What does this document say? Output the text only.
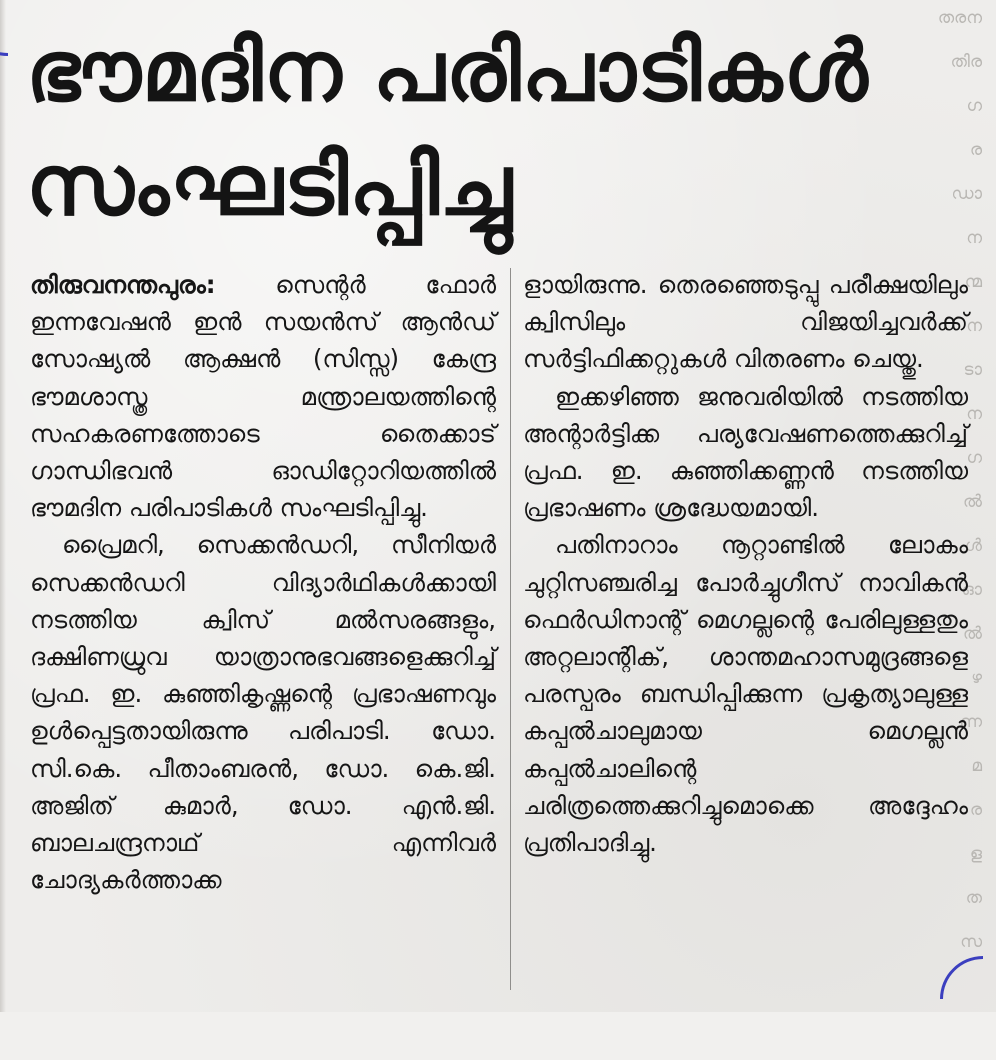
തരന
തിര
ഗ
ര
ഡാ
ന
ന്മ
ന
ടാ
ന
ഗ
ൽ
ൾ
ഓ
ൽ
ഴ
ണ
മ
ര
ള
ത
സ
ഭൗമദിന പരിപാടികൾ
സംഘടിപ്പിച്ചു

തിരുവനന്തപുരം: സെന്റർ ഫോർ ഇന്നവേഷൻ ഇൻ സയൻസ് ആൻഡ് സോഷ്യൽ ആക്ഷൻ (സിസ്സ) കേന്ദ്ര ഭൗമശാസ്ത്ര മന്ത്രാലയത്തിന്റെ സഹകരണത്തോടെ തൈക്കാട് ഗാന്ധിഭവൻ ഓഡിറ്റോറിയത്തിൽ ഭൗമദിന പരിപാടികൾ സംഘടിപ്പിച്ചു.

പ്രൈമറി, സെക്കൻഡറി, സീനിയർ സെക്കൻഡറി വിദ്യാർഥികൾക്കായി നടത്തിയ ക്വിസ് മൽസരങ്ങളും, ദക്ഷിണധ്രുവ യാത്രാനുഭവങ്ങളെക്കുറിച്ച് പ്രഫ. ഇ. കുഞ്ഞികൃഷ്ണന്റെ പ്രഭാഷണവും ഉൾപ്പെട്ടതായിരുന്നു പരിപാടി. ഡോ. സി.കെ. പീതാംബരൻ, ഡോ. കെ.ജി. അജിത് കുമാർ, ഡോ. എൻ.ജി. ബാലചന്ദ്രനാഥ് എന്നിവർ ചോദ്യകർത്താക്ക

ളായിരുന്നു. തെരഞ്ഞെടുപ്പു പരീക്ഷയിലും ക്വിസിലും വിജയിച്ചവർക്ക് സർട്ടിഫിക്കറ്റുകൾ വിതരണം ചെയ്തു.

ഇക്കഴിഞ്ഞ ജനുവരിയിൽ നടത്തിയ അന്റാർട്ടിക്ക പര്യവേഷണത്തെക്കുറിച്ച് പ്രഫ. ഇ. കുഞ്ഞിക്കണ്ണൻ നടത്തിയ പ്രഭാഷണം ശ്രദ്ധേയമായി.

പതിനാറാം നൂറ്റാണ്ടിൽ ലോകം ചുറ്റിസഞ്ചരിച്ച പോർച്ചുഗീസ് നാവികൻ ഫെർഡിനാന്റ് മെഗല്ലന്റെ പേരിലുള്ളതും അറ്റലാന്റിക്, ശാന്തമഹാസമുദ്രങ്ങളെ പരസ്പരം ബന്ധിപ്പിക്കുന്ന പ്രകൃത്യാലുള്ള കപ്പൽചാലുമായ മെഗല്ലൻ കപ്പൽചാലിന്റെ ചരിത്രത്തെക്കുറിച്ചുമൊക്കെ അദ്ദേഹം പ്രതിപാദിച്ചു.
